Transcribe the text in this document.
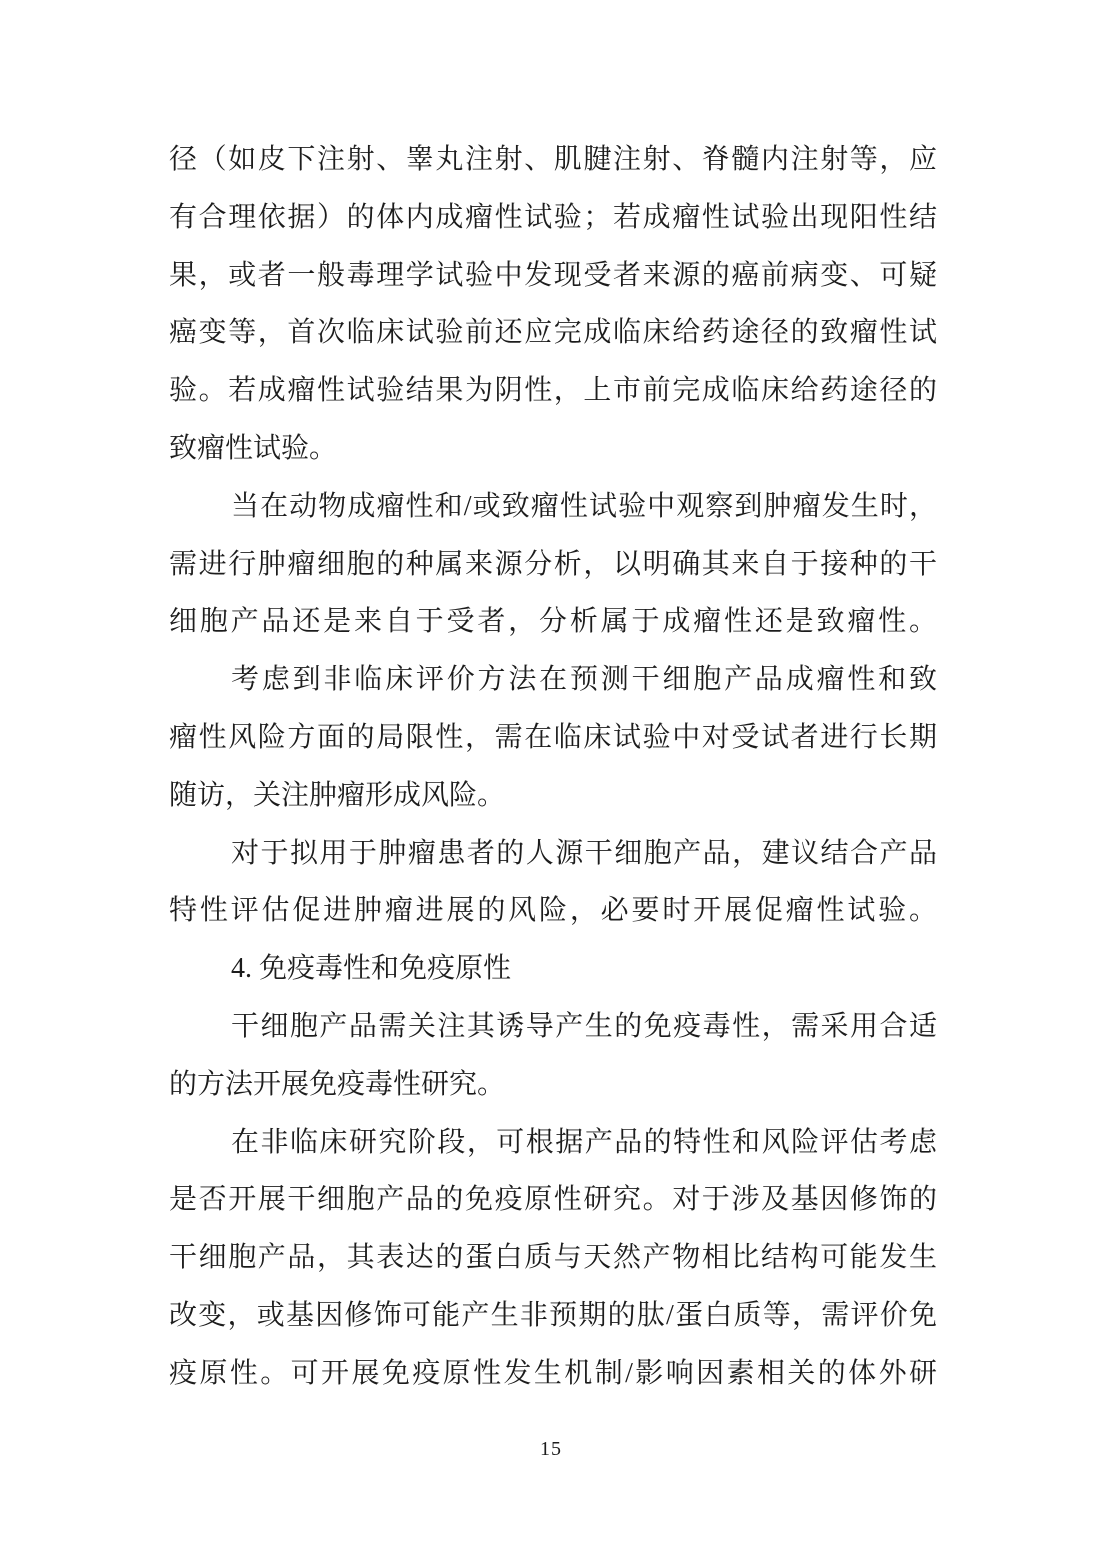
径（如皮下注射、睾丸注射、肌腱注射、脊髓内注射等，应
有合理依据）的体内成瘤性试验；若成瘤性试验出现阳性结
果，或者一般毒理学试验中发现受者来源的癌前病变、可疑
癌变等，首次临床试验前还应完成临床给药途径的致瘤性试
验。若成瘤性试验结果为阴性，上市前完成临床给药途径的
致瘤性试验。
当在动物成瘤性和/或致瘤性试验中观察到肿瘤发生时，
需进行肿瘤细胞的种属来源分析，以明确其来自于接种的干
细胞产品还是来自于受者，分析属于成瘤性还是致瘤性。
考虑到非临床评价方法在预测干细胞产品成瘤性和致
瘤性风险方面的局限性，需在临床试验中对受试者进行长期
随访，关注肿瘤形成风险。
对于拟用于肿瘤患者的人源干细胞产品，建议结合产品
特性评估促进肿瘤进展的风险，必要时开展促瘤性试验。
4. 免疫毒性和免疫原性
干细胞产品需关注其诱导产生的免疫毒性，需采用合适
的方法开展免疫毒性研究。
在非临床研究阶段，可根据产品的特性和风险评估考虑
是否开展干细胞产品的免疫原性研究。对于涉及基因修饰的
干细胞产品，其表达的蛋白质与天然产物相比结构可能发生
改变，或基因修饰可能产生非预期的肽/蛋白质等，需评价免
疫原性。可开展免疫原性发生机制/影响因素相关的体外研
15
